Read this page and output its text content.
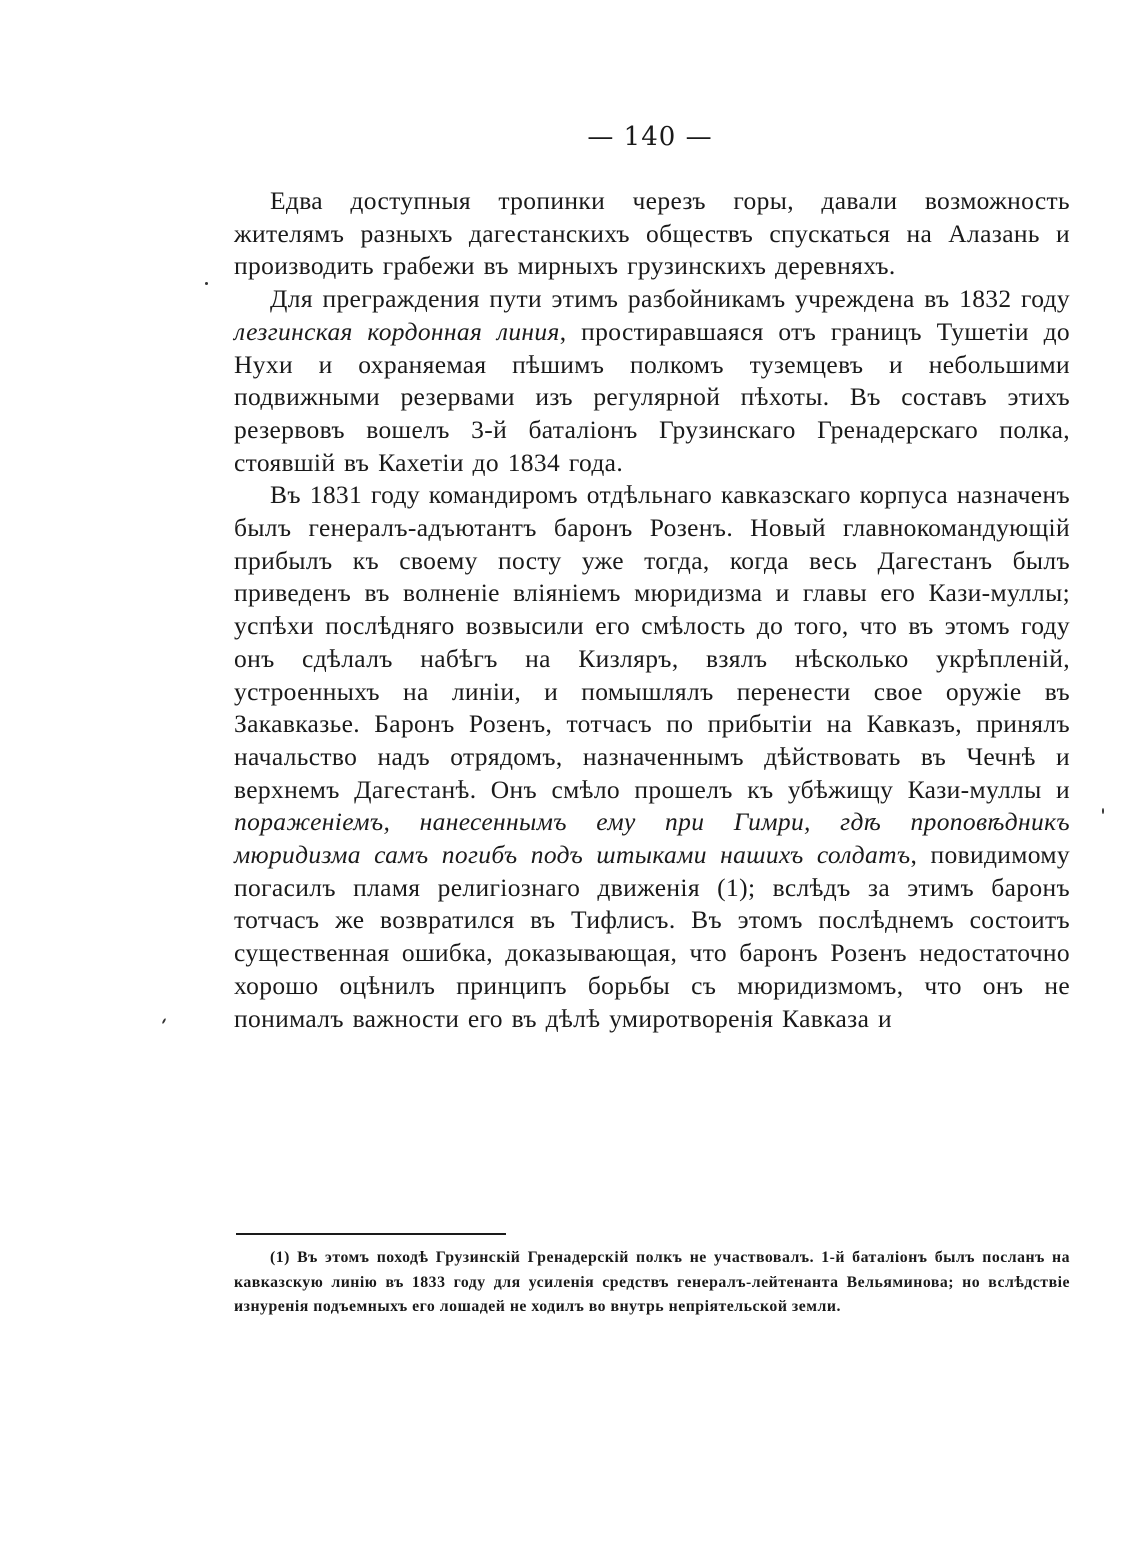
— 140 —

Едва доступныя тропинки черезъ горы, давали возможность жителямъ разныхъ дагестанскихъ обществъ спускаться на Алазань и производить грабежи въ мирныхъ грузинскихъ деревняхъ.

Для преграждения пути этимъ разбойникамъ учреждена въ 1832 году лезгинская кордонная линия, простиравшаяся отъ границъ Тушетiи до Нухи и охраняемая пѣшимъ полкомъ туземцевъ и небольшими подвижными резервами изъ регулярной пѣхоты. Въ составъ этихъ резервовъ вошелъ 3-й баталiонъ Грузинскаго Гренадерскаго полка, стоявшiй въ Кахетiи до 1834 года.

Въ 1831 году командиромъ отдѣльнаго кавказскаго корпуса назначенъ былъ генералъ-адъютантъ баронъ Розенъ. Новый главнокомандующiй прибылъ къ своему посту уже тогда, когда весь Дагестанъ былъ приведенъ въ волненiе влiянiемъ мюридизма и главы его Кази-муллы; успѣхи послѣдняго возвысили его смѣлость до того, что въ этомъ году онъ сдѣлалъ набѣгъ на Кизляръ, взялъ нѣсколько укрѣпленiй, устроенныхъ на линiи, и помышлялъ перенести свое оружiе въ Закавказье. Баронъ Розенъ, тотчасъ по прибытiи на Кавказъ, принялъ начальство надъ отрядомъ, назначеннымъ дѣйствовать въ Чечнѣ и верхнемъ Дагестанѣ. Онъ смѣло прошелъ къ убѣжищу Кази-муллы и пораженiемъ, нанесеннымъ ему при Гимри, гдѣ проповѣдникъ мюридизма самъ погибъ подъ штыками нашихъ солдатъ, повидимому погасилъ пламя религiознаго движенiя (1); вслѣдъ за этимъ баронъ тотчасъ же возвратился въ Тифлисъ. Въ этомъ послѣднемъ состоитъ существенная ошибка, доказывающая, что баронъ Розенъ недостаточно хорошо оцѣнилъ принципъ борьбы съ мюридизмомъ, что онъ не понималъ важности его въ дѣлѣ умиротворенiя Кавказа и

(1) Въ этомъ походѣ Грузинскiй Гренадерскiй полкъ не участвовалъ. 1-й баталiонъ былъ посланъ на кавказскую линiю въ 1833 году для усиленiя средствъ генералъ-лейтенанта Вельяминова; но вслѣдствiе изнуренiя подъемныхъ его лошадей не ходилъ во внутрь непрiятельской земли.
